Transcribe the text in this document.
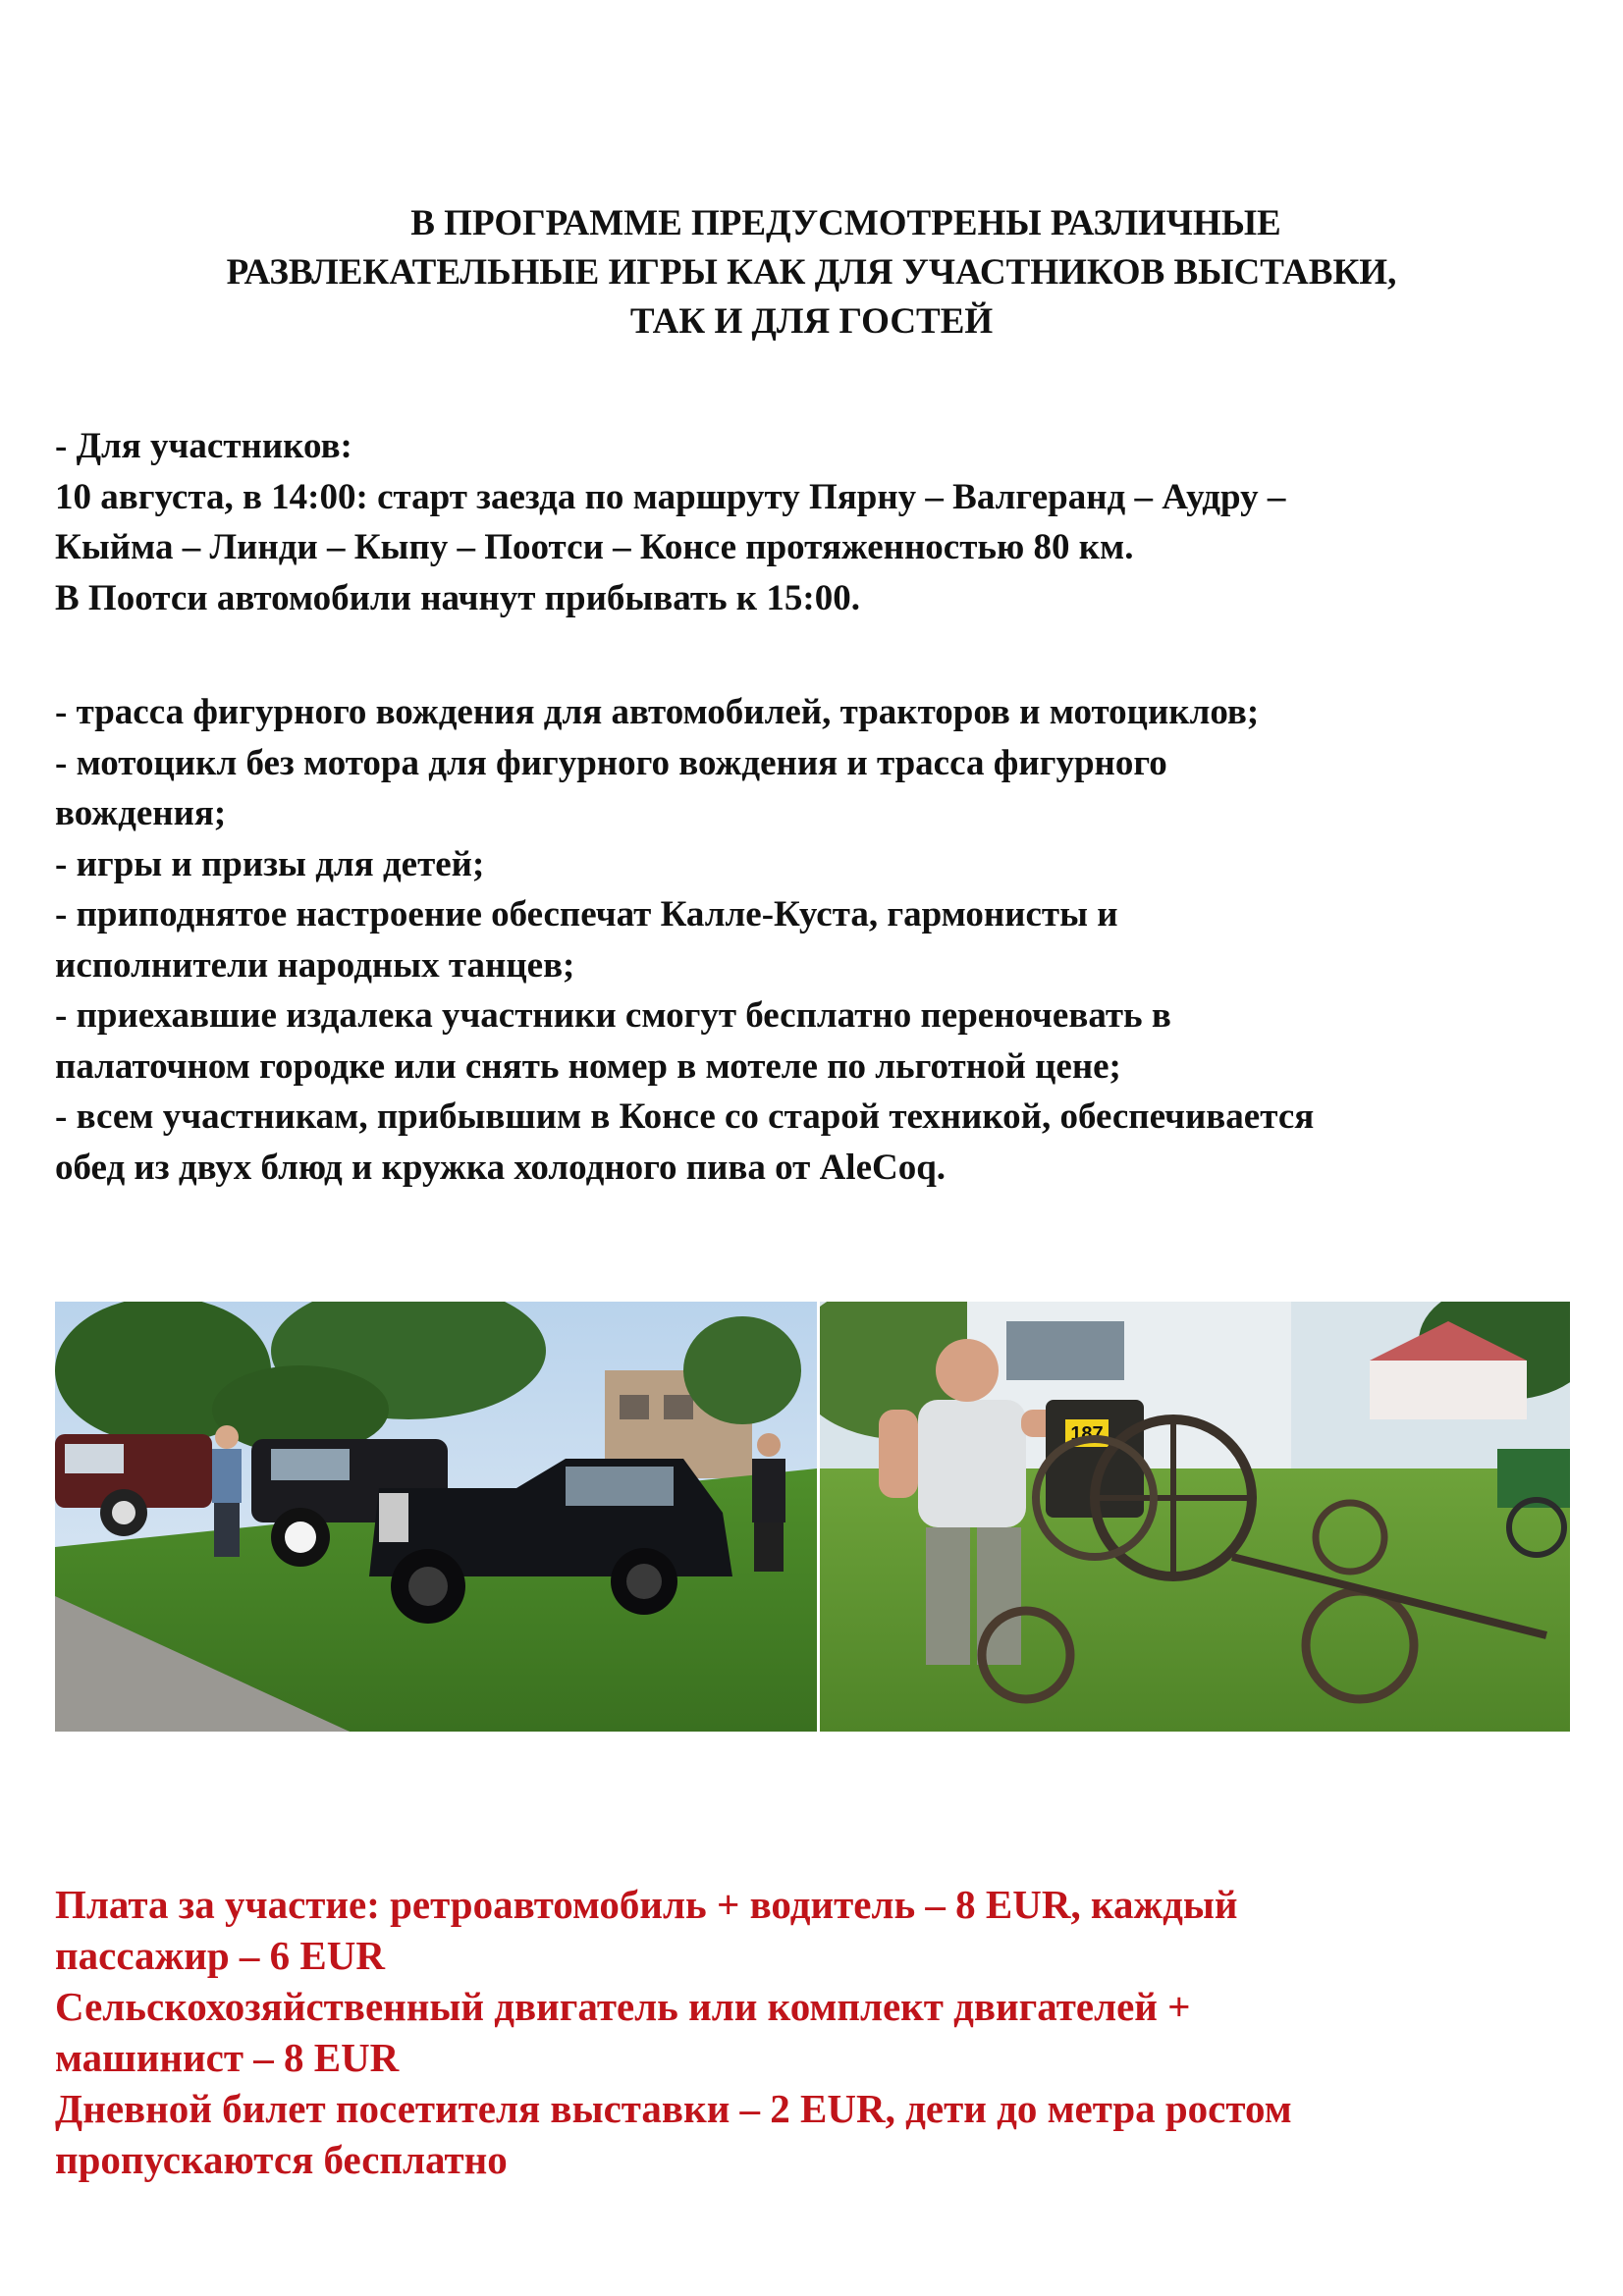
В ПРОГРАММЕ ПРЕДУСМОТРЕНЫ РАЗЛИЧНЫЕ
РАЗВЛЕКАТЕЛЬНЫЕ ИГРЫ КАК ДЛЯ УЧАСТНИКОВ ВЫСТАВКИ,
ТАК И ДЛЯ ГОСТЕЙ
- Для участников:
10 августа, в 14:00: старт заезда по маршруту Пярну – Валгеранд – Аудру –
Кыйма – Линди – Кыпу – Поотси – Консе протяженностью 80 км.
В Поотси автомобили начнут прибывать к 15:00.
- трасса фигурного вождения для автомобилей, тракторов и мотоциклов;
- мотоцикл без мотора для фигурного вождения и трасса фигурного
вождения;
- игры и призы для детей;
- приподнятое настроение обеспечат Калле-Куста, гармонисты и
исполнители народных танцев;
- приехавшие издалека участники смогут бесплатно переночевать в
палаточном городке или снять номер в мотеле по льготной цене;
- всем участникам, прибывшим в Консе со старой техникой, обеспечивается
обед из двух блюд и кружка холодного пива от AleCoq.
187
Плата за участие: ретроавтомобиль + водитель – 8 EUR, каждый
пассажир – 6 EUR
Сельскохозяйственный двигатель или комплект двигателей +
машинист – 8 EUR
Дневной билет посетителя выставки – 2 EUR, дети до метра ростом
пропускаются бесплатно
